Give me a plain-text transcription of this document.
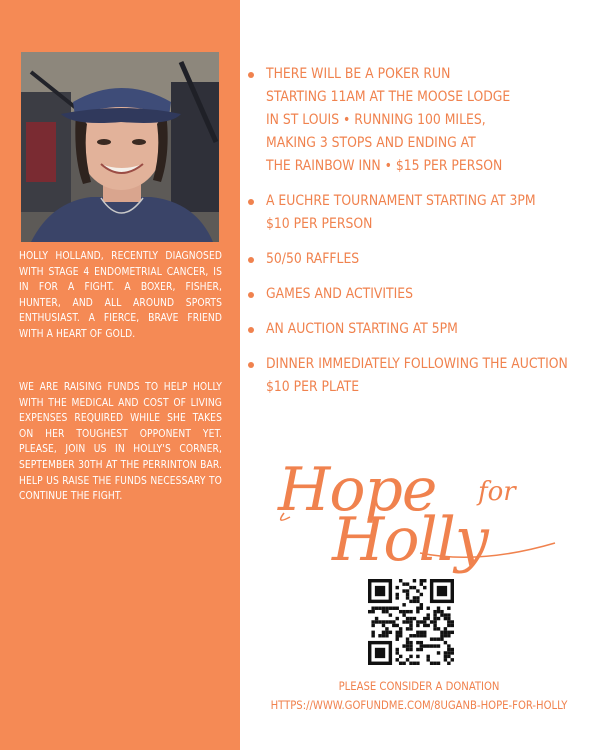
HOLLY HOLLAND, RECENTLY DIAGNOSED WITH STAGE 4 ENDOMETRIAL CANCER, IS IN FOR A FIGHT. A BOXER, FISHER, HUNTER, AND ALL AROUND SPORTS ENTHUSIAST. A FIERCE, BRAVE FRIEND WITH A HEART OF GOLD.

WE ARE RAISING FUNDS TO HELP HOLLY WITH THE MEDICAL AND COST OF LIVING EXPENSES REQUIRED WHILE SHE TAKES ON HER TOUGHEST OPPONENT YET. PLEASE, JOIN US IN HOLLY'S CORNER, SEPTEMBER 30TH AT THE PERRINTON BAR. HELP US RAISE THE FUNDS NECESSARY TO CONTINUE THE FIGHT.

THERE WILL BE A POKER RUN
STARTING 11AM AT THE MOOSE LODGE
IN ST LOUIS • RUNNING 100 MILES,
MAKING 3 STOPS AND ENDING AT
THE RAINBOW INN • $15 PER PERSON
A EUCHRE TOURNAMENT STARTING AT 3PM
$10 PER PERSON
50/50 RAFFLES
GAMES AND ACTIVITIES
AN AUCTION STARTING AT 5PM
DINNER IMMEDIATELY FOLLOWING THE AUCTION
$10 PER PLATE
Hope for
Holly
PLEASE CONSIDER A DONATION
HTTPS://WWW.GOFUNDME.COM/8UGANB-HOPE-FOR-HOLLY
